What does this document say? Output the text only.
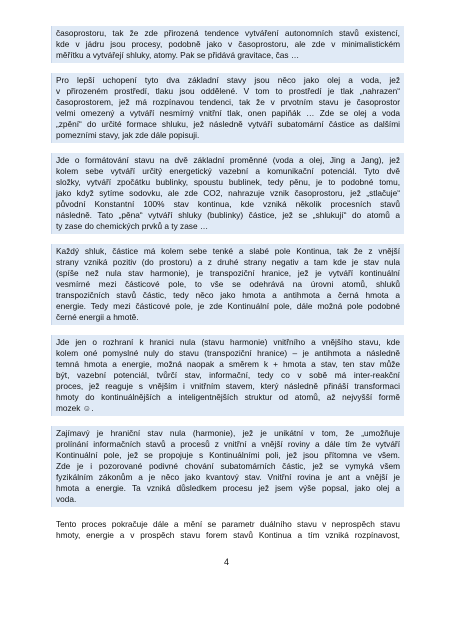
časoprostoru, tak že zde přirozená tendence vytváření autonomních stavů existencí,
kde v jádru jsou procesy, podobně jako v časoprostoru, ale zde v minimalistickém
měřítku a vytvářejí shluky, atomy. Pak se přidává gravitace, čas …

Pro lepší uchopení tyto dva základní stavy jsou něco jako olej a voda, jež
v přirozeném prostředí, tlaku jsou oddělené. V tom to prostředí je tlak „nahrazen“
časoprostorem, jež má rozpínavou tendenci, tak že v prvotním stavu je časoprostor
velmi omezený a vytváří nesmírný vnitřní tlak, onen papiňák … Zde se olej a voda
„zpění“ do určité formace shluku, jež následně vytváří subatomární částice as dalšími
pomezními stavy, jak zde dále popisuji.

Jde o formátování stavu na dvě základní proměnné (voda a olej, Jing a Jang), jež
kolem sebe vytváří určitý energetický vazební a komunikační potenciál. Tyto dvě
složky, vytváří zpočátku bublinky, spoustu bublinek, tedy pěnu, je to podobné tomu,
jako když sytíme sodovku, ale zde CO2, nahrazuje vznik časoprostoru, jež „stlačuje“
původní Konstantní 100% stav kontinua, kde vzniká několik procesních stavů
následně. Tato „pěna“ vytváří shluky (bublinky) částice, jež se „shlukují“ do atomů a
ty zase do chemických prvků a ty zase …

Každý shluk, částice má kolem sebe tenké a slabé pole Kontinua, tak že z vnější
strany vzniká pozitiv (do prostoru) a z druhé strany negativ a tam kde je stav nula
(spíše než nula stav harmonie), je transpoziční hranice, jež je vytváří kontinuální
vesmírné mezi částicové pole, to vše se odehrává na úrovni atomů, shluků
transpozičních stavů částic, tedy něco jako hmota a antihmota a černá hmota a
energie. Tedy mezi částicové pole, je zde Kontinuální pole, dále možná pole podobné
černé energii a hmotě.

Jde jen o rozhraní k hranici nula (stavu harmonie) vnitřního a vnějšího stavu, kde
kolem oné pomyslné nuly do stavu (transpoziční hranice) – je antihmota a následně
temná hmota a energie, možná naopak a směrem k + hmota a stav, ten stav může
být, vazební potenciál, tvůrčí stav, informační, tedy co v sobě má inter-reakční
proces, jež reaguje s vnějším i vnitřním stavem, který následně přináší transformaci
hmoty do kontinuálnějších a inteligentnějších struktur od atomů, až nejvyšší formě
mozek ☺.

Zajímavý je hraniční stav nula (harmonie), jež je unikátní v tom, že „umožňuje
prolínání informačních stavů a procesů z vnitřní a vnější roviny a dále tím že vytváří
Kontinuální pole, jež se propojuje s Kontinuálními poli, jež jsou přítomna ve všem.
Zde je i pozorované podivné chování subatomárních částic, jež se vymyká všem
fyzikálním zákonům a je něco jako kvantový stav. Vnitřní rovina je ant a vnější je
hmota a energie. Ta vzniká důsledkem procesu jež jsem výše popsal, jako olej a
voda.

Tento proces pokračuje dále a mění se parametr duálního stavu v neprospěch stavu
hmoty, energie a v prospěch stavu forem stavů Kontinua a tím vzniká rozpínavost,

4
